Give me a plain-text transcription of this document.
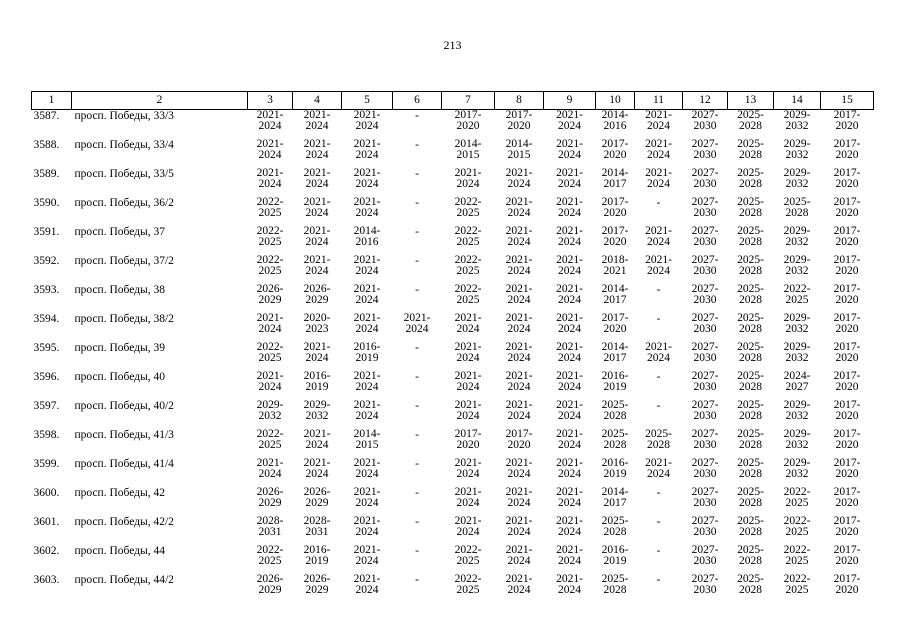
213
1	2	3	4	5	6	7	8	9	10	11	12	13	14	15
3587.	просп. Победы, 33/3	2021-
2024	2021-
2024	2021-
2024	-	2017-
2020	2017-
2020	2021-
2024	2014-
2016	2021-
2024	2027-
2030	2025-
2028	2029-
2032	2017-
2020

3588.	просп. Победы, 33/4	2021-
2024	2021-
2024	2021-
2024	-	2014-
2015	2014-
2015	2021-
2024	2017-
2020	2021-
2024	2027-
2030	2025-
2028	2029-
2032	2017-
2020

3589.	просп. Победы, 33/5	2021-
2024	2021-
2024	2021-
2024	-	2021-
2024	2021-
2024	2021-
2024	2014-
2017	2021-
2024	2027-
2030	2025-
2028	2029-
2032	2017-
2020

3590.	просп. Победы, 36/2	2022-
2025	2021-
2024	2021-
2024	-	2022-
2025	2021-
2024	2021-
2024	2017-
2020	-	2027-
2030	2025-
2028	2025-
2028	2017-
2020

3591.	просп. Победы, 37	2022-
2025	2021-
2024	2014-
2016	-	2022-
2025	2021-
2024	2021-
2024	2017-
2020	2021-
2024	2027-
2030	2025-
2028	2029-
2032	2017-
2020

3592.	просп. Победы, 37/2	2022-
2025	2021-
2024	2021-
2024	-	2022-
2025	2021-
2024	2021-
2024	2018-
2021	2021-
2024	2027-
2030	2025-
2028	2029-
2032	2017-
2020

3593.	просп. Победы, 38	2026-
2029	2026-
2029	2021-
2024	-	2022-
2025	2021-
2024	2021-
2024	2014-
2017	-	2027-
2030	2025-
2028	2022-
2025	2017-
2020

3594.	просп. Победы, 38/2	2021-
2024	2020-
2023	2021-
2024	2021-
2024	2021-
2024	2021-
2024	2021-
2024	2017-
2020	-	2027-
2030	2025-
2028	2029-
2032	2017-
2020

3595.	просп. Победы, 39	2022-
2025	2021-
2024	2016-
2019	-	2021-
2024	2021-
2024	2021-
2024	2014-
2017	2021-
2024	2027-
2030	2025-
2028	2029-
2032	2017-
2020

3596.	просп. Победы, 40	2021-
2024	2016-
2019	2021-
2024	-	2021-
2024	2021-
2024	2021-
2024	2016-
2019	-	2027-
2030	2025-
2028	2024-
2027	2017-
2020

3597.	просп. Победы, 40/2	2029-
2032	2029-
2032	2021-
2024	-	2021-
2024	2021-
2024	2021-
2024	2025-
2028	-	2027-
2030	2025-
2028	2029-
2032	2017-
2020

3598.	просп. Победы, 41/3	2022-
2025	2021-
2024	2014-
2015	-	2017-
2020	2017-
2020	2021-
2024	2025-
2028	2025-
2028	2027-
2030	2025-
2028	2029-
2032	2017-
2020

3599.	просп. Победы, 41/4	2021-
2024	2021-
2024	2021-
2024	-	2021-
2024	2021-
2024	2021-
2024	2016-
2019	2021-
2024	2027-
2030	2025-
2028	2029-
2032	2017-
2020

3600.	просп. Победы, 42	2026-
2029	2026-
2029	2021-
2024	-	2021-
2024	2021-
2024	2021-
2024	2014-
2017	-	2027-
2030	2025-
2028	2022-
2025	2017-
2020

3601.	просп. Победы, 42/2	2028-
2031	2028-
2031	2021-
2024	-	2021-
2024	2021-
2024	2021-
2024	2025-
2028	-	2027-
2030	2025-
2028	2022-
2025	2017-
2020

3602.	просп. Победы, 44	2022-
2025	2016-
2019	2021-
2024	-	2022-
2025	2021-
2024	2021-
2024	2016-
2019	-	2027-
2030	2025-
2028	2022-
2025	2017-
2020

3603.	просп. Победы, 44/2	2026-
2029	2026-
2029	2021-
2024	-	2022-
2025	2021-
2024	2021-
2024	2025-
2028	-	2027-
2030	2025-
2028	2022-
2025	2017-
2020
